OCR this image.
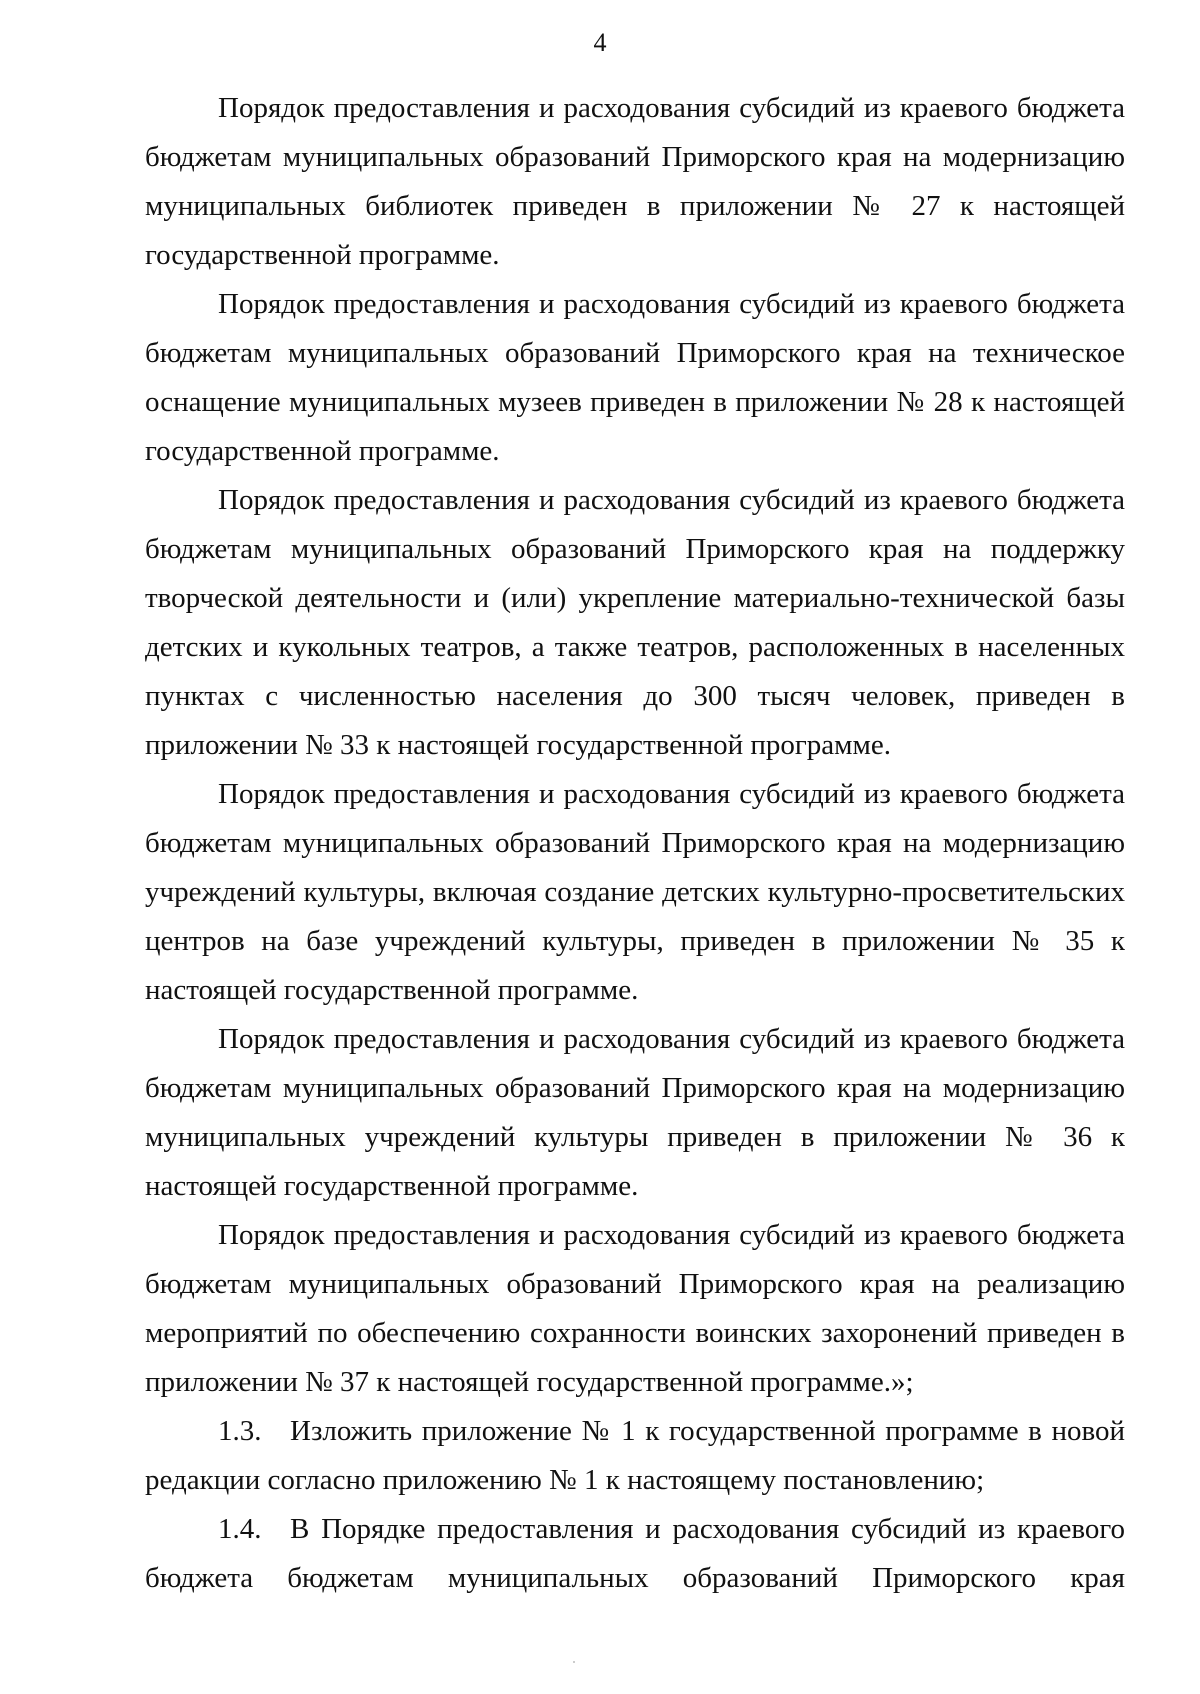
4

Порядок предоставления и расходования субсидий из краевого бюджета бюджетам муниципальных образований Приморского края на модернизацию муниципальных библиотек приведен в приложении № 27 к настоящей государственной программе.

Порядок предоставления и расходования субсидий из краевого бюджета бюджетам муниципальных образований Приморского края на техническое оснащение муниципальных музеев приведен в приложении № 28 к настоящей государственной программе.

Порядок предоставления и расходования субсидий из краевого бюджета бюджетам муниципальных образований Приморского края на поддержку творческой деятельности и (или) укрепление материально-технической базы детских и кукольных театров, а также театров, расположенных в населенных пунктах с численностью населения до 300 тысяч человек, приведен в приложении № 33 к настоящей государственной программе.

Порядок предоставления и расходования субсидий из краевого бюджета бюджетам муниципальных образований Приморского края на модернизацию учреждений культуры, включая создание детских культурно-просветительских центров на базе учреждений культуры, приведен в приложении № 35 к настоящей государственной программе.

Порядок предоставления и расходования субсидий из краевого бюджета бюджетам муниципальных образований Приморского края на модернизацию муниципальных учреждений культуры приведен в приложении № 36 к настоящей государственной программе.

Порядок предоставления и расходования субсидий из краевого бюджета бюджетам муниципальных образований Приморского края на реализацию мероприятий по обеспечению сохранности воинских захоронений приведен в приложении № 37 к настоящей государственной программе.»;

1.3. Изложить приложение № 1 к государственной программе в новой редакции согласно приложению № 1 к настоящему постановлению;

1.4. В Порядке предоставления и расходования субсидий из краевого бюджета бюджетам муниципальных образований Приморского края
